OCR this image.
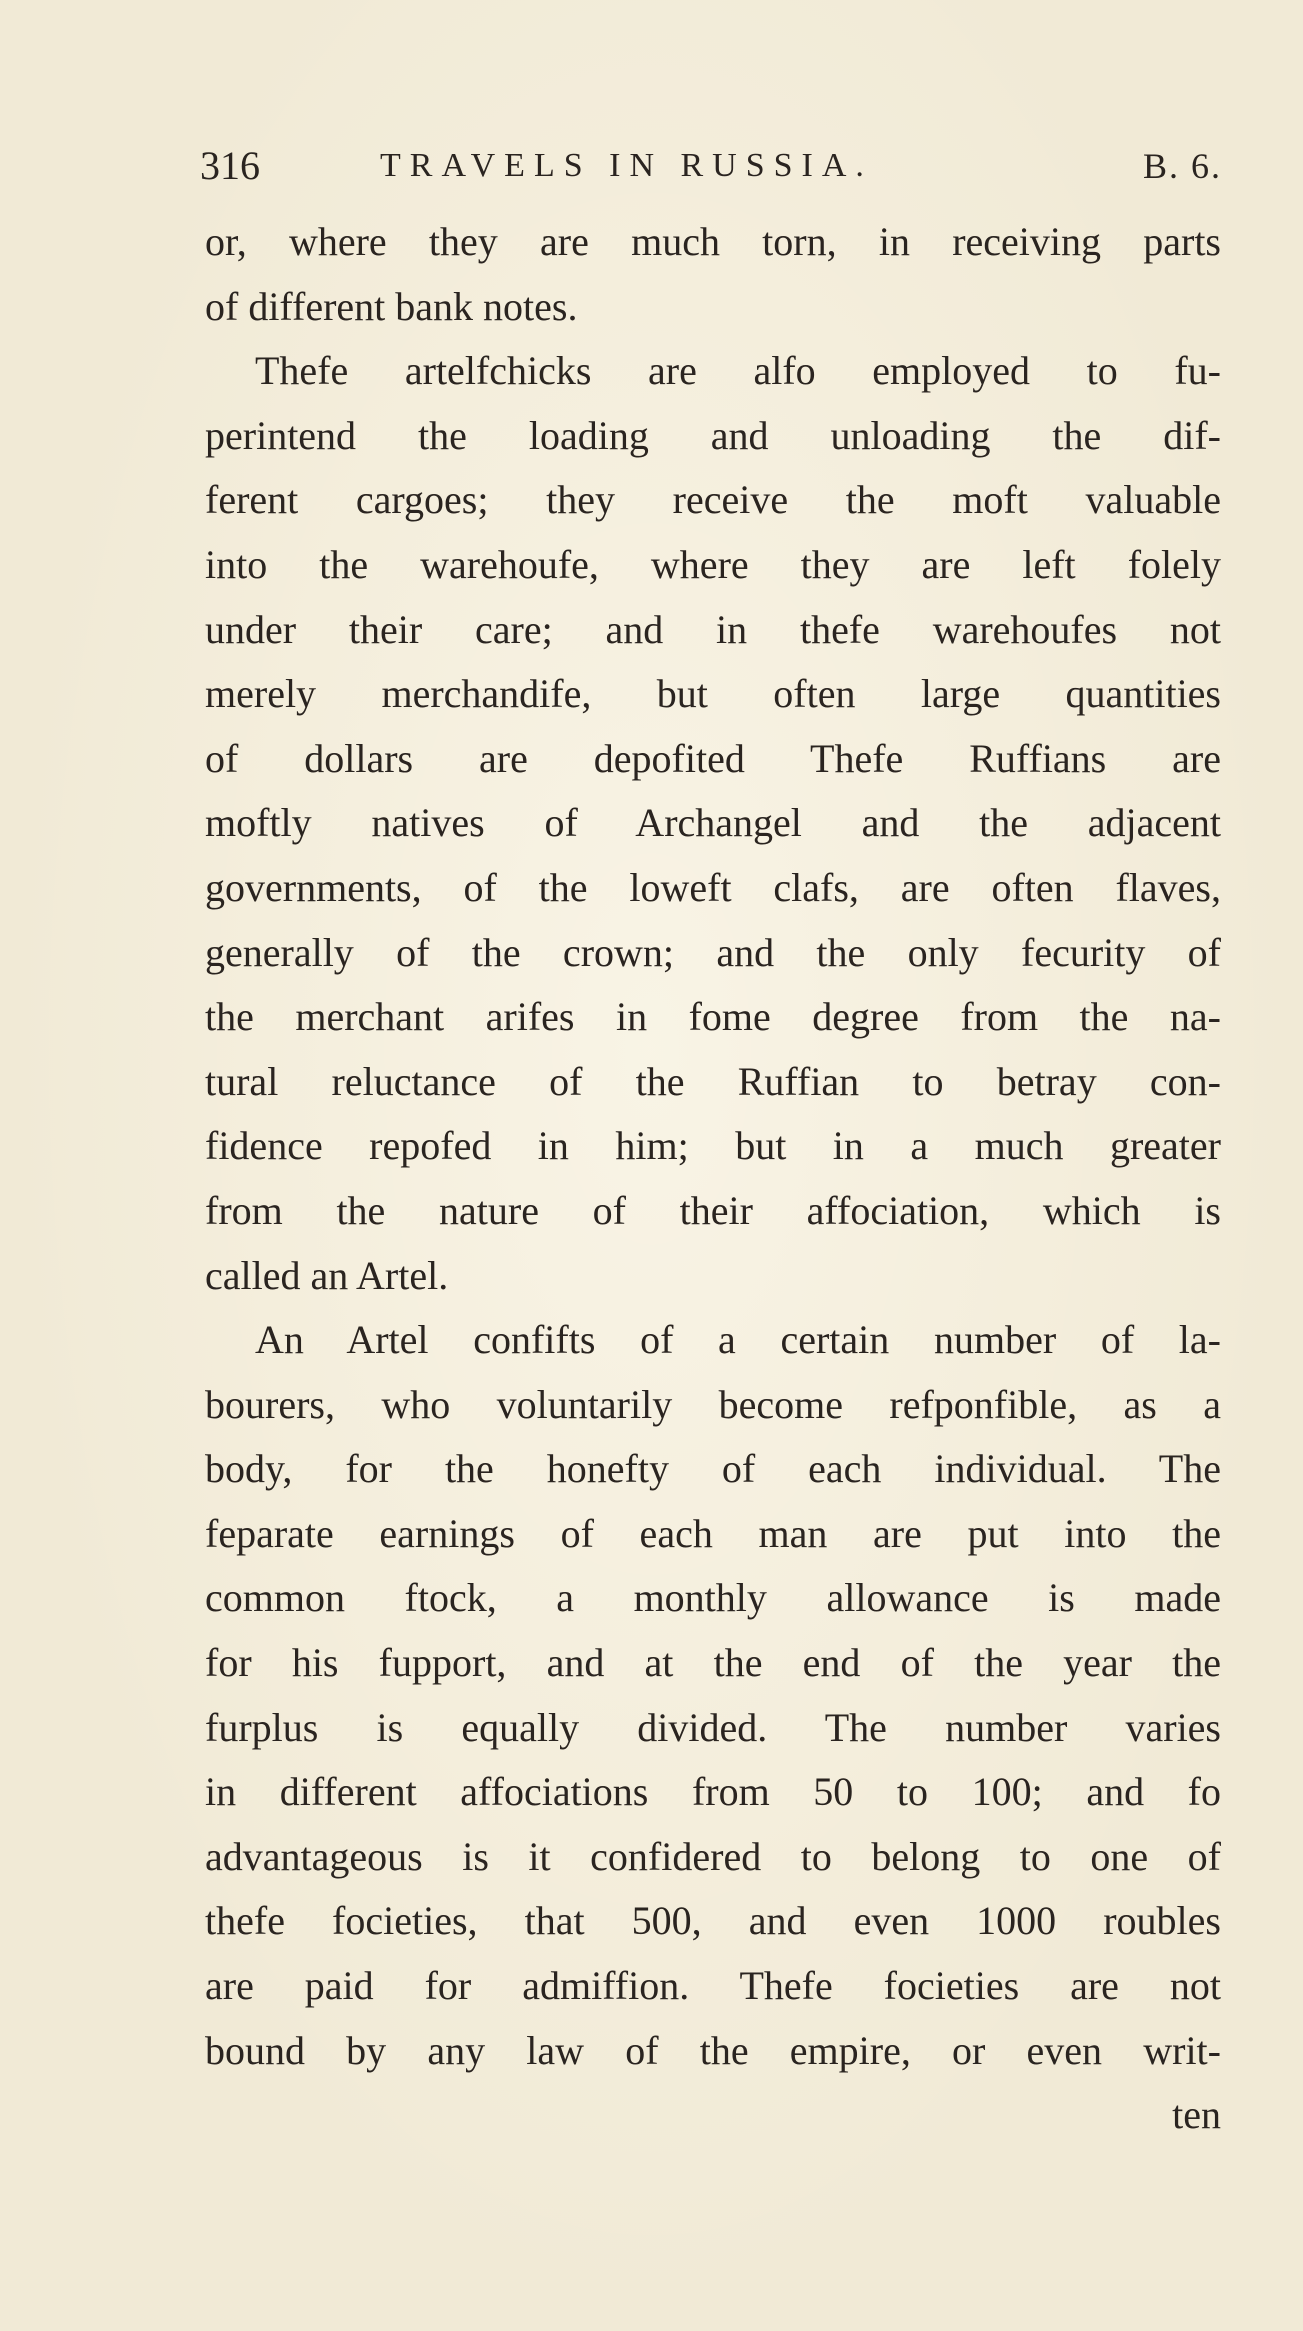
316	TRAVELS IN RUSSIA.	B. 6.
or, where they are much torn, in receiving parts
of different bank notes.
Thefe artelfchicks are alfo employed to fu-
perintend the loading and unloading the dif-
ferent cargoes; they receive the moft valuable
into the warehoufe, where they are left folely
under their care; and in thefe warehoufes not
merely merchandife, but often large quantities
of dollars are depofited Thefe Ruffians are
moftly natives of Archangel and the adjacent
governments, of the loweft clafs, are often flaves,
generally of the crown; and the only fecurity of
the merchant arifes in fome degree from the na-
tural reluctance of the Ruffian to betray con-
fidence repofed in him; but in a much greater
from the nature of their affociation, which is
called an Artel.
An Artel confifts of a certain number of la-
bourers, who voluntarily become refponfible, as a
body, for the honefty of each individual. The
feparate earnings of each man are put into the
common ftock, a monthly allowance is made
for his fupport, and at the end of the year the
furplus is equally divided. The number varies
in different affociations from 50 to 100; and fo
advantageous is it confidered to belong to one of
thefe focieties, that 500, and even 1000 roubles
are paid for admiffion. Thefe focieties are not
bound by any law of the empire, or even writ-
ten
